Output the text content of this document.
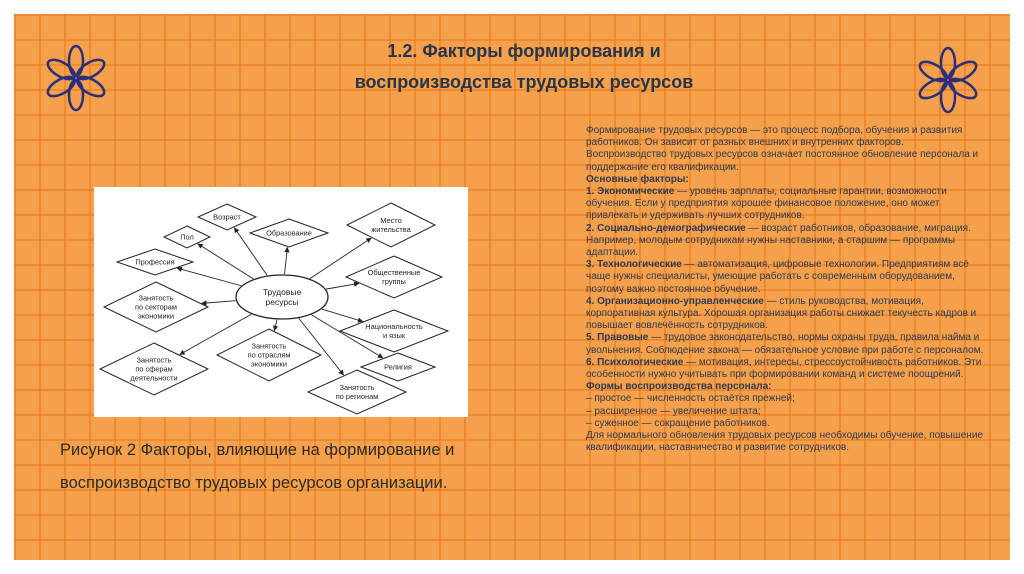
1.2. Факторы формирования и
воспроизводства трудовых ресурсов
Возраст
Образование
Место жительства
Пол
Профессия
Общественные группы
Занятость по секторам экономики
Национальность и язык
Занятость по сферам деятельности
Занятость по отраслям экономики	Религия
Занятость по регионам
Трудовые ресурсы
Рисунок 2 Факторы, влияющие на формирование и
воспроизводство трудовых ресурсов организации.

Формирование трудовых ресурсов — это процесс подбора, обучения и развития работников. Он зависит от разных внешних и внутренних факторов. Воспроизводство трудовых ресурсов означает постоянное обновление персонала и поддержание его квалификации.

Основные факторы:

1. Экономические — уровень зарплаты, социальные гарантии, возможности обучения. Если у предприятия хорошее финансовое положение, оно может привлекать и удерживать лучших сотрудников.

2. Социально-демографические — возраст работников, образование, миграция. Например, молодым сотрудникам нужны наставники, а старшим — программы адаптации.

3. Технологические — автоматизация, цифровые технологии. Предприятиям всё чаще нужны специалисты, умеющие работать с современным оборудованием, поэтому важно постоянное обучение.

4. Организационно-управленческие — стиль руководства, мотивация, корпоративная культура. Хорошая организация работы снижает текучесть кадров и повышает вовлечённость сотрудников.

5. Правовые — трудовое законодательство, нормы охраны труда, правила найма и увольнения. Соблюдение закона — обязательное условие при работе с персоналом.

6. Психологические — мотивация, интересы, стрессоустойчивость работников. Эти особенности нужно учитывать при формировании команд и системе поощрений.

Формы воспроизводства персонала:

– простое — численность остаётся прежней;

– расширенное — увеличение штата;

– суженное — сокращение работников.

Для нормального обновления трудовых ресурсов необходимы обучение, повышение квалификации, наставничество и развитие сотрудников.
